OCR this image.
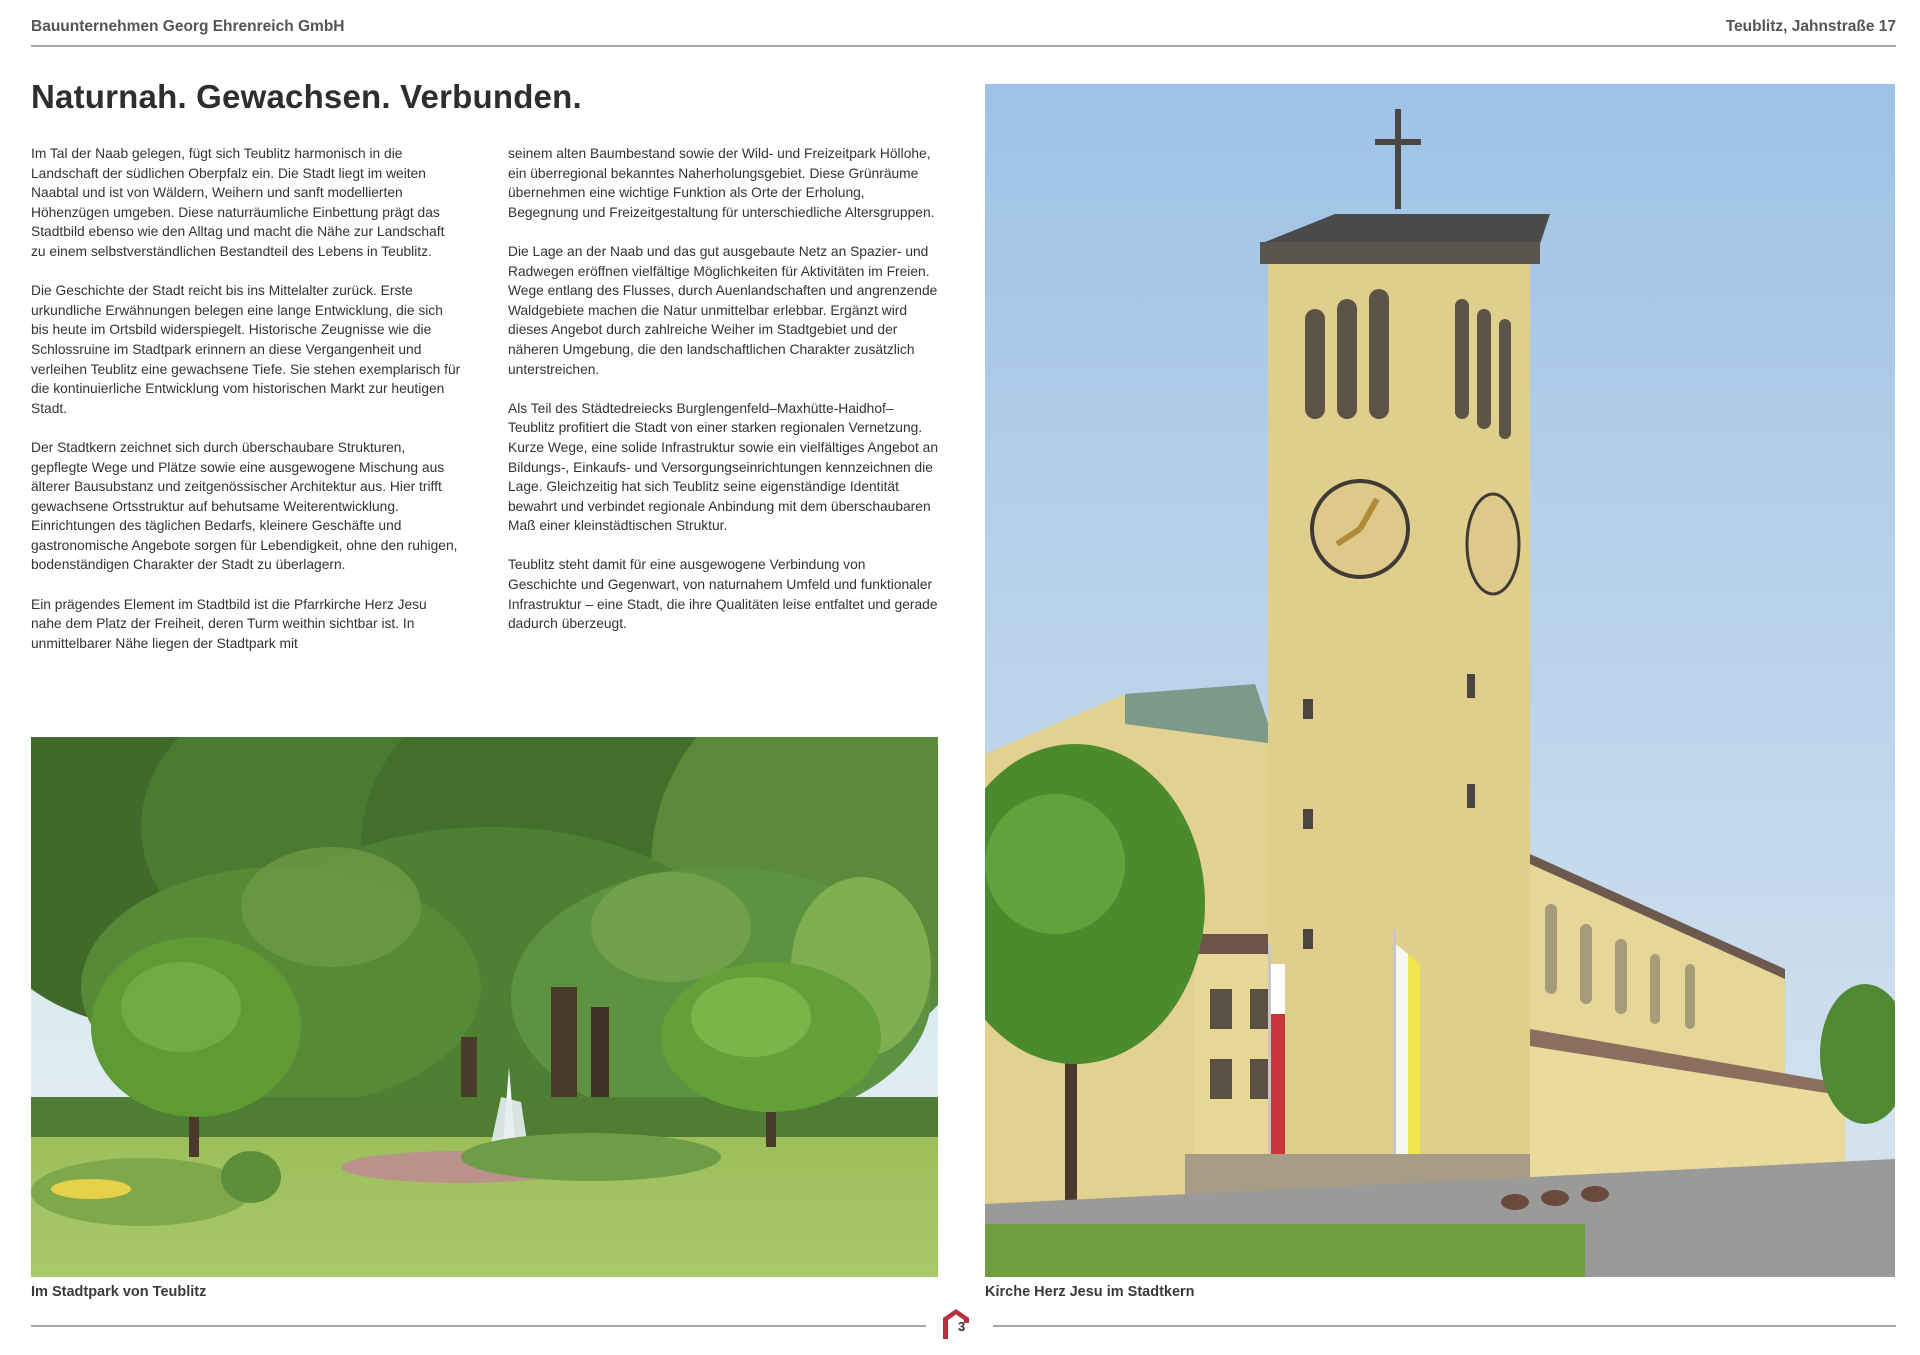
Bauunternehmen Georg Ehrenreich GmbH	Teublitz, Jahnstraße 17
Naturnah. Gewachsen. Verbunden.

Im Tal der Naab gelegen, fügt sich Teublitz harmonisch in die Landschaft der südlichen Oberpfalz ein. Die Stadt liegt im weiten Naabtal und ist von Wäldern, Weihern und sanft modellierten Höhenzügen umgeben. Diese naturräumliche Einbettung prägt das Stadtbild ebenso wie den Alltag und macht die Nähe zur Landschaft zu einem selbstverständlichen Bestandteil des Lebens in Teublitz.

Die Geschichte der Stadt reicht bis ins Mittelalter zurück. Erste urkundliche Erwähnungen belegen eine lange Entwicklung, die sich bis heute im Ortsbild widerspiegelt. Historische Zeugnisse wie die Schlossruine im Stadtpark erinnern an diese Vergangenheit und verleihen Teublitz eine gewachsene Tiefe. Sie stehen exemplarisch für die kontinuierliche Entwicklung vom historischen Markt zur heutigen Stadt.

Der Stadtkern zeichnet sich durch überschaubare Strukturen, gepflegte Wege und Plätze sowie eine ausgewogene Mischung aus älterer Bausubstanz und zeitgenössischer Architektur aus. Hier trifft gewachsene Ortsstruktur auf behutsame Weiterentwicklung. Einrichtungen des täglichen Bedarfs, kleinere Geschäfte und gastronomische Angebote sorgen für Lebendigkeit, ohne den ruhigen, bodenständigen Charakter der Stadt zu überlagern.

Ein prägendes Element im Stadtbild ist die Pfarrkirche Herz Jesu nahe dem Platz der Freiheit, deren Turm weithin sichtbar ist. In unmittelbarer Nähe liegen der Stadtpark mit

seinem alten Baumbestand sowie der Wild- und Freizeitpark Höllohe, ein überregional bekanntes Naherholungsgebiet. Diese Grünräume übernehmen eine wichtige Funktion als Orte der Erholung, Begegnung und Freizeitgestaltung für unterschiedliche Altersgruppen.

Die Lage an der Naab und das gut ausgebaute Netz an Spazier- und Radwegen eröffnen vielfältige Möglichkeiten für Aktivitäten im Freien. Wege entlang des Flusses, durch Auenlandschaften und angrenzende Waldgebiete machen die Natur unmittelbar erlebbar. Ergänzt wird dieses Angebot durch zahlreiche Weiher im Stadtgebiet und der näheren Umgebung, die den landschaftlichen Charakter zusätzlich unterstreichen.

Als Teil des Städtedreiecks Burglengenfeld–Maxhütte-Haidhof–Teublitz profitiert die Stadt von einer starken regionalen Vernetzung. Kurze Wege, eine solide Infrastruktur sowie ein vielfältiges Angebot an Bildungs-, Einkaufs- und Versorgungseinrichtungen kennzeichnen die Lage. Gleichzeitig hat sich Teublitz seine eigenständige Identität bewahrt und verbindet regionale Anbindung mit dem überschaubaren Maß einer kleinstädtischen Struktur.

Teublitz steht damit für eine ausgewogene Verbindung von Geschichte und Gegenwart, von naturnahem Umfeld und funktionaler Infrastruktur – eine Stadt, die ihre Qualitäten leise entfaltet und gerade dadurch überzeugt.

Im Stadtpark von Teublitz	Kirche Herz Jesu im Stadtkern
3
